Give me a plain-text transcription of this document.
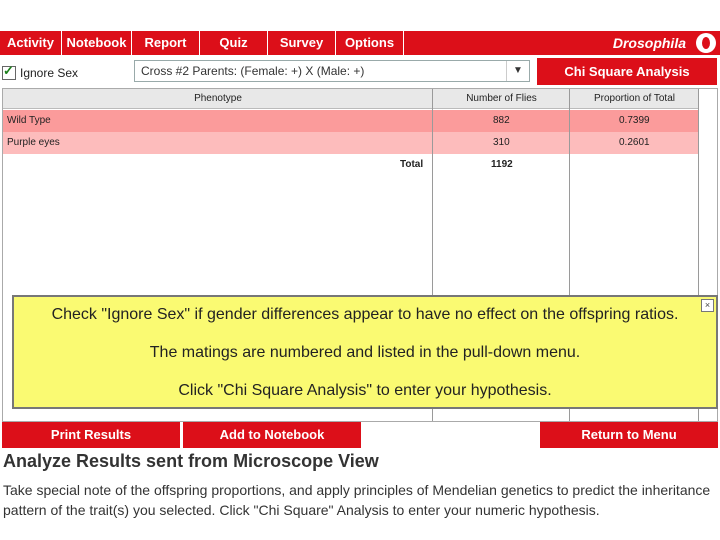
Activity Notebook	Report	Quiz	Survey	Options	Drosophila
✓
Ignore Sex	Cross #2 Parents: (Female: +) X (Male: +)	▼	Chi Square Analysis
Phenotype	Number of Flies	Proportion of Total
Wild Type	882	0.7399
Purple eyes	310	0.2601
Total	1192
×
Check "Ignore Sex" if gender differences appear to have no effect on the offspring ratios.
The matings are numbered and listed in the pull-down menu.
Click "Chi Square Analysis" to enter your hypothesis.
Print Results	Add to Notebook	Return to Menu
Analyze Results sent from Microscope View
Take special note of the offspring proportions, and apply principles of Mendelian genetics to predict the inheritance pattern of the trait(s) you selected. Click "Chi Square" Analysis to enter your numeric hypothesis.
